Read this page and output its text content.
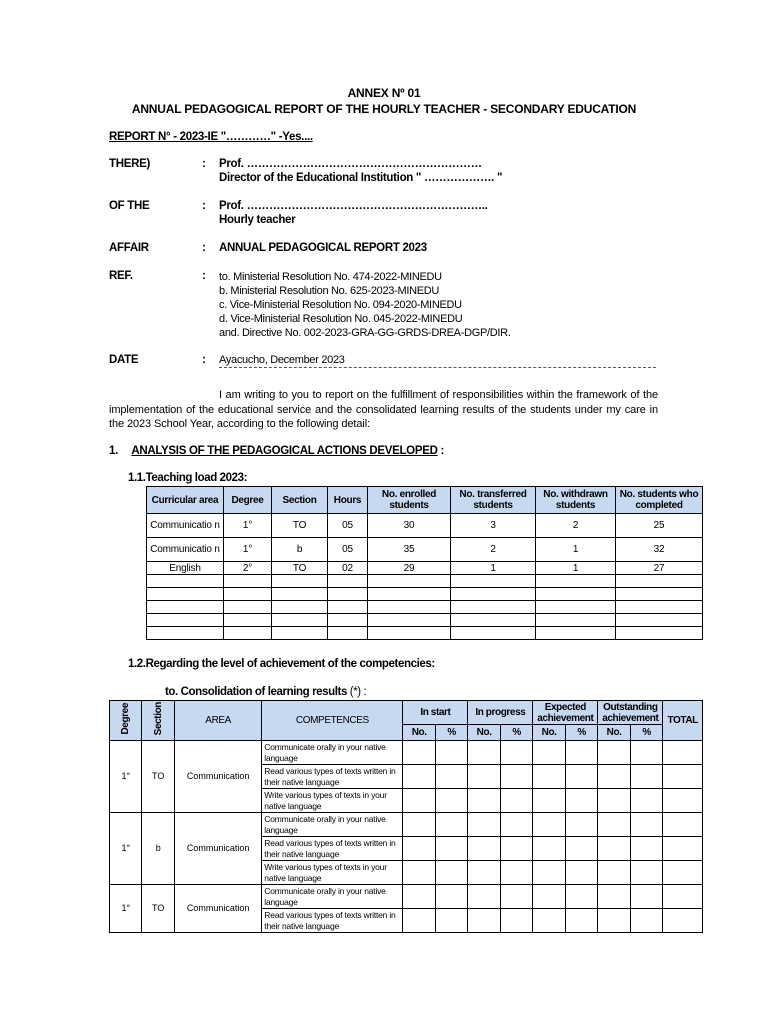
ANNEX Nº 01
ANNUAL PEDAGOGICAL REPORT OF THE HOURLY TEACHER - SECONDARY EDUCATION
REPORT N° - 2023-IE "…………" -Yes....
THERE)	: Prof. ………………………………………………………
Director of the Educational Institution " ………………. "
OF THE	: Prof. ………………………………………………………..
Hourly teacher
AFFAIR	: ANNUAL PEDAGOGICAL REPORT 2023
REF.	: to. Ministerial Resolution No. 474-2022-MINEDU
b. Ministerial Resolution No. 625-2023-MINEDU
c. Vice-Ministerial Resolution No. 094-2020-MINEDU
d. Vice-Ministerial Resolution No. 045-2022-MINEDU
and. Directive No. 002-2023-GRA-GG-GRDS-DREA-DGP/DIR.
DATE	: Ayacucho, December 2023
I am writing to you to report on the fulfillment of responsibilities within the framework of the implementation of the educational service and the consolidated learning results of the students under my care in the 2023 School Year, according to the following detail:
1. ANALYSIS OF THE PEDAGOGICAL ACTIONS DEVELOPED :
1.1.Teaching load 2023:
Curricular area	Degree	Section	Hours	No. enrolled students	No. transferred students	No. withdrawn students	No. students who completed
Communicatio n	1°	TO	05	30	3	2	25
Communicatio n	1°	b	05	35	2	1	32
English	2°	TO	02	29	1	1	27

1.2.Regarding the level of achievement of the competencies:
to. Consolidation of learning results (*) :
Degree	Section	AREA	COMPETENCES	In start		In progress		Expected achievement		Outstanding achievement		TOTAL
				No.	%	No.	%	No.	%	No.	%	
1°	TO	Communication	Communicate orally in your native language									
			Read various types of texts written in their native language									
			Write various types of texts in your native language									
1°	b	Communication	Communicate orally in your native language									
			Read various types of texts written in their native language									
			Write various types of texts in your native language									
1°	TO	Communication	Communicate orally in your native language									
			Read various types of texts written in their native language									
